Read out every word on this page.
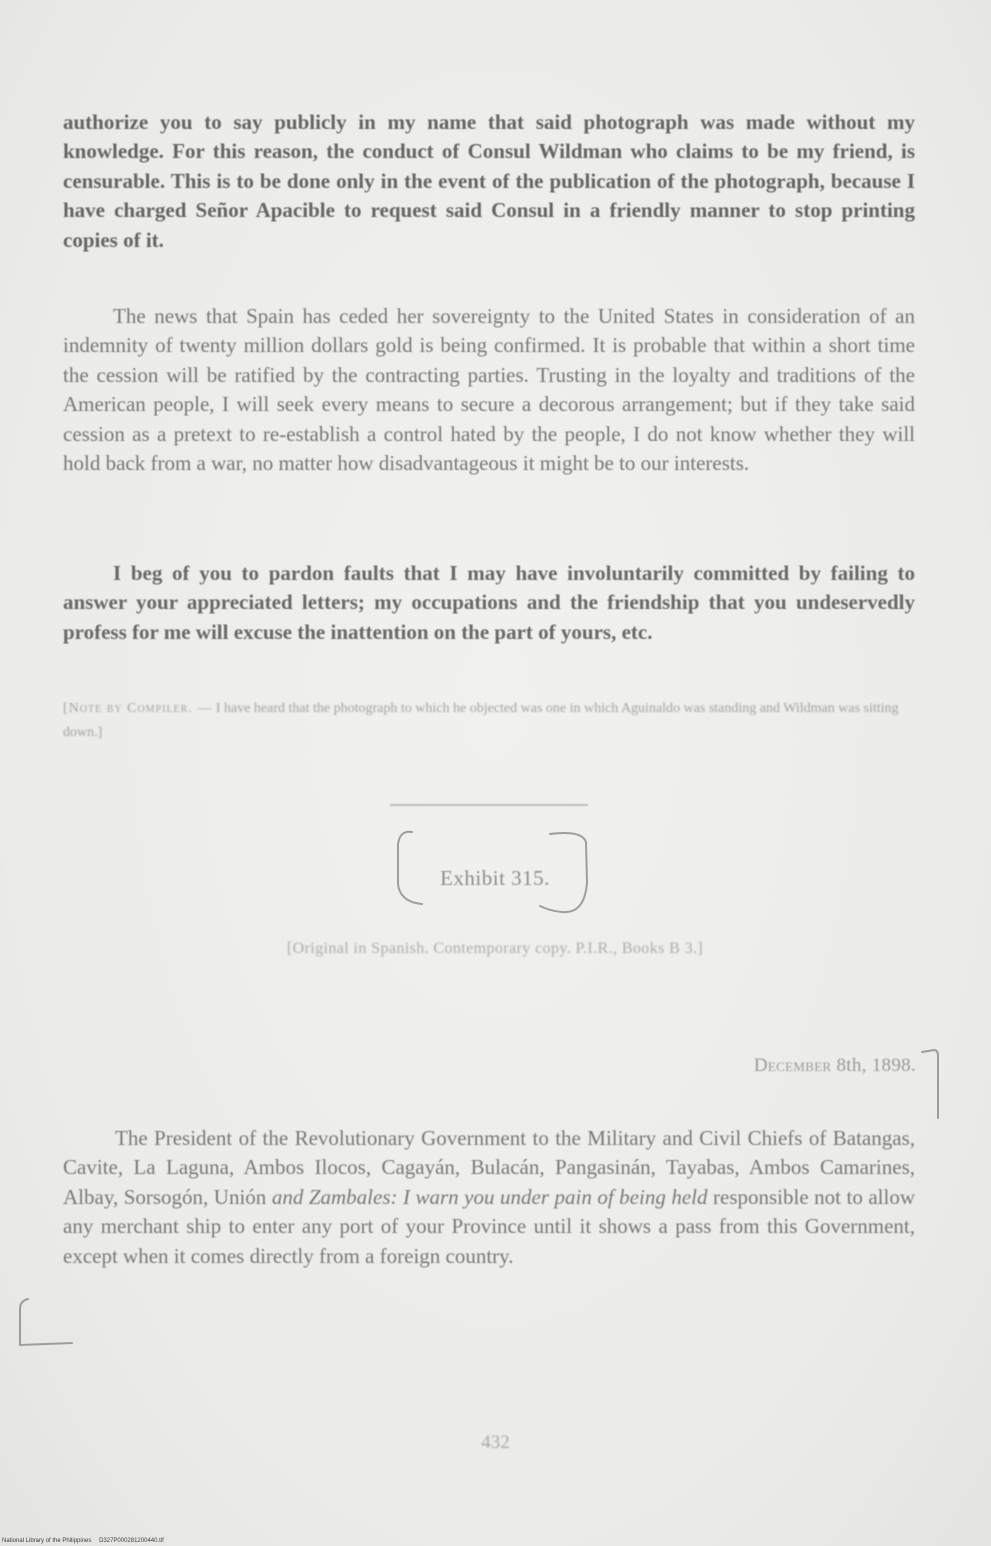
authorize you to say publicly in my name that said photograph was made without my knowledge. For this reason, the conduct of Consul Wildman who claims to be my friend, is censurable. This is to be done only in the event of the publication of the photograph, because I have charged Señor Apacible to request said Consul in a friendly manner to stop printing copies of it.
The news that Spain has ceded her sovereignty to the United States in consideration of an indemnity of twenty million dollars gold is being confirmed. It is probable that within a short time the cession will be ratified by the contracting parties. Trusting in the loyalty and traditions of the American people, I will seek every means to secure a decorous arrangement; but if they take said cession as a pretext to re-establish a control hated by the people, I do not know whether they will hold back from a war, no matter how disadvantageous it might be to our interests.
I beg of you to pardon faults that I may have involuntarily committed by failing to answer your appreciated letters; my occupations and the friendship that you undeservedly profess for me will excuse the inattention on the part of yours, etc.
[Note by Compiler. — I have heard that the photograph to which he objected was one in which Aguinaldo was standing and Wildman was sitting down.]
Exhibit 315.
[Original in Spanish. Contemporary copy. P.I.R., Books B 3.]
December 8th, 1898.
The President of the Revolutionary Government to the Military and Civil Chiefs of Batangas, Cavite, La Laguna, Ambos Ilocos, Cagayán, Bulacán, Pangasinán, Tayabas, Ambos Camarines, Albay, Sorsogón, Unión and Zambales: I warn you under pain of being held responsible not to allow any merchant ship to enter any port of your Province until it shows a pass from this Government, except when it comes directly from a foreign country.
432
National Library of the Philippines D327P000281200440.tif
